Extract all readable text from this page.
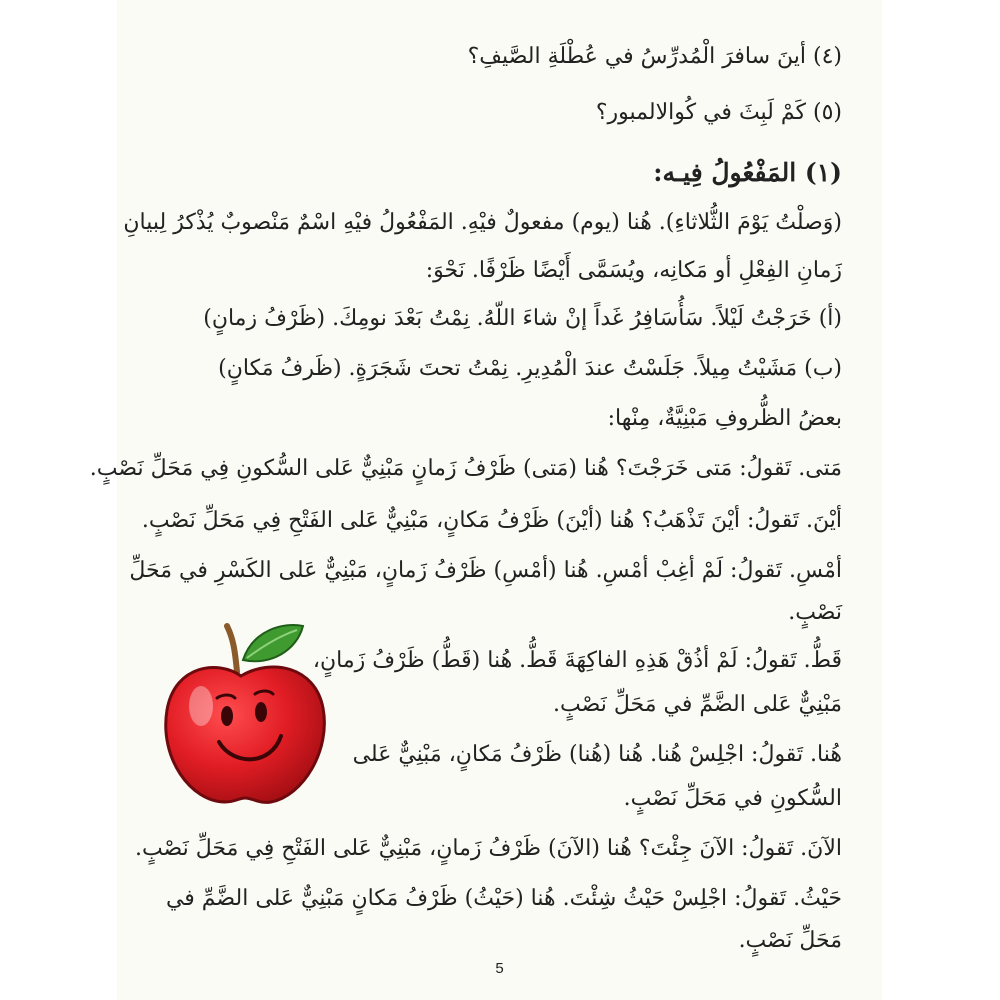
(٤) أينَ سافرَ الْمُدرِّسُ في عُطْلَةِ الصَّيفِ؟
(٥) كَمْ لَبِثَ في كُوالالمبور؟
(١) المَفْعُولُ فِيـه:
(وَصلْتُ يَوْمَ الثُّلاثاءِ). هُنا (يوم) مفعولٌ فيْهِ. المَفْعُولُ فيْهِ اسْمٌ مَنْصوبٌ يُذْكرُ لِبيانِ
زَمانِ الفِعْلِ أو مَكانِه، ويُسَمَّى أَيْضًا ظَرْفًا. نَحْوَ:
(أ) خَرَجْتُ لَيْلاً. سَأُسَافِرُ غَداً إنْ شاءَ اللّهُ. نِمْتُ بَعْدَ نومِكَ. (ظَرْفُ زمانٍ)
(ب) مَشَيْتُ مِيلاً. جَلَسْتُ عندَ الْمُدِيرِ. نِمْتُ تحتَ شَجَرَةٍ. (ظَرفُ مَكانٍ)
بعضُ الظُّروفِ مَبْنِيَّةٌ، مِنْها:
مَتى. تَقولُ: مَتى خَرَجْتَ؟ هُنا (مَتى) ظَرْفُ زَمانٍ مَبْنِيٌّ عَلى السُّكونِ فِي مَحَلِّ نَصْبٍ.
أيْنَ. تَقولُ: أيْنَ تَذْهَبُ؟ هُنا (أيْنَ) ظَرْفُ مَكانٍ، مَبْنِيٌّ عَلى الفَتْحِ فِي مَحَلِّ نَصْبٍ.
أمْسِ. تَقولُ: لَمْ أغِبْ أمْسِ. هُنا (أمْسِ) ظَرْفُ زَمانٍ، مَبْنِيٌّ عَلى الكَسْرِ في مَحَلِّ
نَصْبٍ.
قَطُّ. تَقولُ: لَمْ أذُقْ هَذِهِ الفاكِهَةَ قَطُّ. هُنا (قَطُّ) ظَرْفُ زَمانٍ،
مَبْنِيٌّ عَلى الضَّمِّ في مَحَلِّ نَصْبٍ.
هُنا. تَقولُ: اجْلِسْ هُنا. هُنا (هُنا) ظَرْفُ مَكانٍ، مَبْنِيٌّ عَلى
السُّكونِ في مَحَلِّ نَصْبٍ.
الآنَ. تَقولُ: الآنَ جِئْتَ؟ هُنا (الآنَ) ظَرْفُ زَمانٍ، مَبْنِيٌّ عَلى الفَتْحِ فِي مَحَلِّ نَصْبٍ.
حَيْثُ. تَقولُ: اجْلِسْ حَيْثُ شِئْتَ. هُنا (حَيْثُ) ظَرْفُ مَكانٍ مَبْنِيٌّ عَلى الضَّمِّ في
مَحَلِّ نَصْبٍ.
5
